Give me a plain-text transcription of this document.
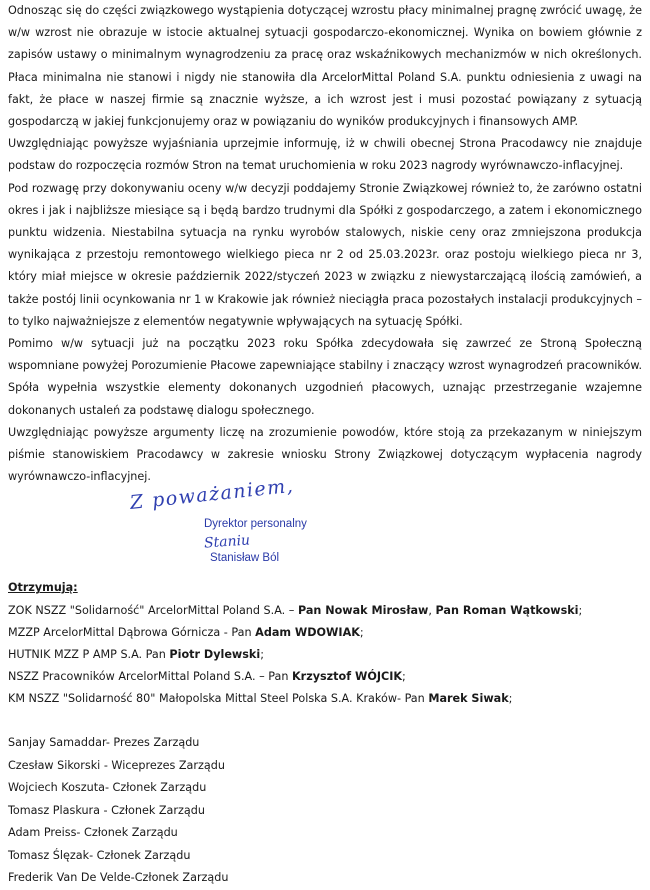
Odnosząc się do części związkowego wystąpienia dotyczącej wzrostu płacy minimalnej pragnę zwrócić uwagę, że w/w wzrost nie obrazuje w istocie aktualnej sytuacji gospodarczo-ekonomicznej. Wynika on bowiem głównie z zapisów ustawy o minimalnym wynagrodzeniu za pracę oraz wskaźnikowych mechanizmów w nich określonych. Płaca minimalna nie stanowi i nigdy nie stanowiła dla ArcelorMittal Poland S.A. punktu odniesienia z uwagi na fakt, że płace w naszej firmie są znacznie wyższe, a ich wzrost jest i musi pozostać powiązany z sytuacją gospodarczą w jakiej funkcjonujemy oraz w powiązaniu do wyników produkcyjnych i finansowych AMP.

Uwzględniając powyższe wyjaśniania uprzejmie informuję, iż w chwili obecnej Strona Pracodawcy nie znajduje podstaw do rozpoczęcia rozmów Stron na temat uruchomienia w roku 2023 nagrody wyrównawczo-inflacyjnej.

Pod rozwagę przy dokonywaniu oceny w/w decyzji poddajemy Stronie Związkowej również to, że zarówno ostatni okres i jak i najbliższe miesiące są i będą bardzo trudnymi dla Spółki z gospodarczego, a zatem i ekonomicznego punktu widzenia. Niestabilna sytuacja na rynku wyrobów stalowych, niskie ceny oraz zmniejszona produkcja wynikająca z przestoju remontowego wielkiego pieca nr 2 od 25.03.2023r. oraz postoju wielkiego pieca nr 3, który miał miejsce w okresie październik 2022/styczeń 2023 w związku z niewystarczającą ilością zamówień, a także postój linii ocynkowania nr 1 w Krakowie jak również nieciągła praca pozostałych instalacji produkcyjnych – to tylko najważniejsze z elementów negatywnie wpływających na sytuację Spółki.

Pomimo w/w sytuacji już na początku 2023 roku Spółka zdecydowała się zawrzeć ze Stroną Społeczną wspomniane powyżej Porozumienie Płacowe zapewniające stabilny i znaczący wzrost wynagrodzeń pracowników. Spóła wypełnia wszystkie elementy dokonanych uzgodnień płacowych, uznając przestrzeganie wzajemne dokonanych ustaleń za podstawę dialogu społecznego.

Uwzględniając powyższe argumenty liczę na zrozumienie powodów, które stoją za przekazanym w niniejszym piśmie stanowiskiem Pracodawcy w zakresie wniosku Strony Związkowej dotyczącym wypłacenia nagrody wyrównawczo-inflacyjnej.

Z poważaniem,
Dyrektor personalny
Staniu
Stanisław Ból

Otrzymują:

ZOK NSZZ "Solidarność" ArcelorMittal Poland S.A. – Pan Nowak Mirosław, Pan Roman Wątkowski;

MZZP ArcelorMittal Dąbrowa Górnicza - Pan Adam WDOWIAK;

HUTNIK MZZ P AMP S.A. Pan Piotr Dylewski;

NSZZ Pracowników ArcelorMittal Poland S.A. – Pan Krzysztof WÓJCIK;

KM NSZZ "Solidarność 80" Małopolska Mittal Steel Polska S.A. Kraków- Pan Marek Siwak;

Sanjay Samaddar- Prezes Zarządu

Czesław Sikorski - Wiceprezes Zarządu

Wojciech Koszuta- Członek Zarządu

Tomasz Plaskura - Członek Zarządu

Adam Preiss- Członek Zarządu

Tomasz Ślęzak- Członek Zarządu

Frederik Van De Velde-Członek Zarządu
